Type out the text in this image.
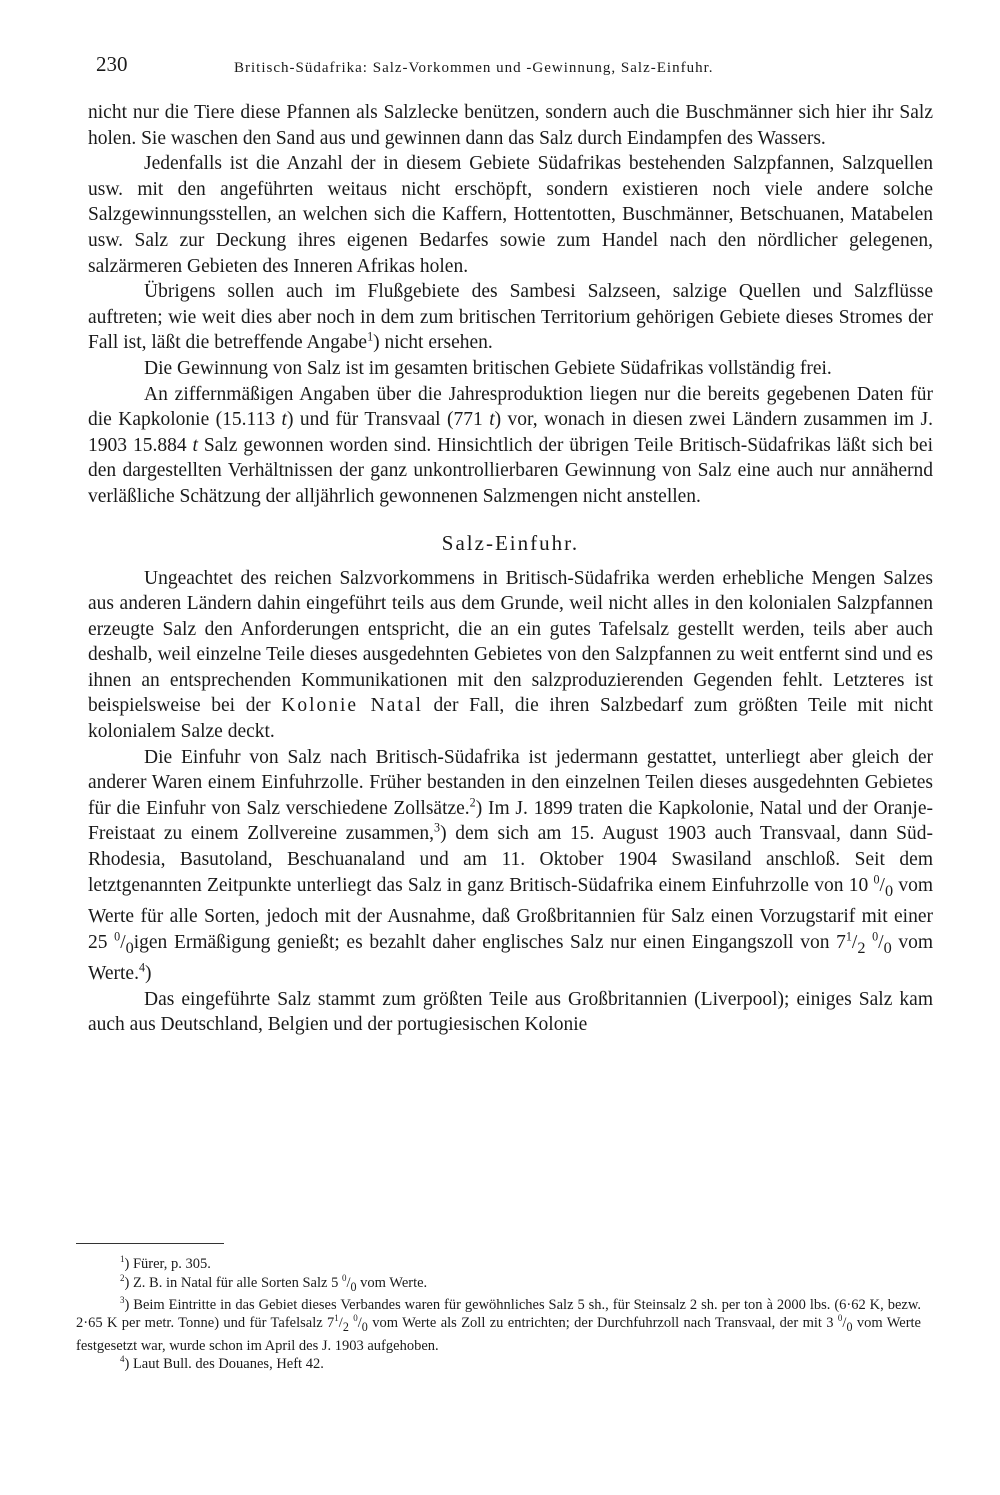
230	Britisch-Südafrika: Salz-Vorkommen und -Gewinnung, Salz-Einfuhr.

nicht nur die Tiere diese Pfannen als Salzlecke benützen, sondern auch die Buschmänner sich hier ihr Salz holen. Sie waschen den Sand aus und gewinnen dann das Salz durch Eindampfen des Wassers.

Jedenfalls ist die Anzahl der in diesem Gebiete Südafrikas bestehenden Salzpfannen, Salzquellen usw. mit den angeführten weitaus nicht erschöpft, sondern existieren noch viele andere solche Salzgewinnungsstellen, an welchen sich die Kaffern, Hottentotten, Buschmänner, Betschuanen, Matabelen usw. Salz zur Deckung ihres eigenen Bedarfes sowie zum Handel nach den nördlicher gelegenen, salzärmeren Gebieten des Inneren Afrikas holen.

Übrigens sollen auch im Flußgebiete des Sambesi Salzseen, salzige Quellen und Salzflüsse auftreten; wie weit dies aber noch in dem zum britischen Territorium gehörigen Gebiete dieses Stromes der Fall ist, läßt die betreffende Angabe$^1$) nicht ersehen.

Die Gewinnung von Salz ist im gesamten britischen Gebiete Südafrikas vollständig frei.

An ziffernmäßigen Angaben über die Jahresproduktion liegen nur die bereits gegebenen Daten für die Kapkolonie (15.113 t) und für Transvaal (771 t) vor, wonach in diesen zwei Ländern zusammen im J. 1903 15.884 t Salz gewonnen worden sind. Hinsichtlich der übrigen Teile Britisch-Südafrikas läßt sich bei den dargestellten Verhältnissen der ganz unkontrollierbaren Gewinnung von Salz eine auch nur annähernd verläßliche Schätzung der alljährlich gewonnenen Salzmengen nicht anstellen.

Salz-Einfuhr.

Ungeachtet des reichen Salzvorkommens in Britisch-Südafrika werden erhebliche Mengen Salzes aus anderen Ländern dahin eingeführt teils aus dem Grunde, weil nicht alles in den kolonialen Salzpfannen erzeugte Salz den Anforderungen entspricht, die an ein gutes Tafelsalz gestellt werden, teils aber auch deshalb, weil einzelne Teile dieses ausgedehnten Gebietes von den Salzpfannen zu weit entfernt sind und es ihnen an entsprechenden Kommunikationen mit den salzproduzierenden Gegenden fehlt. Letzteres ist beispielsweise bei der Kolonie Natal der Fall, die ihren Salzbedarf zum größten Teile mit nicht kolonialem Salze deckt.

Die Einfuhr von Salz nach Britisch-Südafrika ist jedermann gestattet, unterliegt aber gleich der anderer Waren einem Einfuhrzolle. Früher bestanden in den einzelnen Teilen dieses ausgedehnten Gebietes für die Einfuhr von Salz verschiedene Zollsätze.$^2$) Im J. 1899 traten die Kapkolonie, Natal und der Oranje-Freistaat zu einem Zollvereine zusammen,$^3$) dem sich am 15. August 1903 auch Transvaal, dann Süd-Rhodesia, Basutoland, Beschuanaland und am 11. Oktober 1904 Swasiland anschloß. Seit dem letztgenannten Zeitpunkte unterliegt das Salz in ganz Britisch-Südafrika einem Einfuhrzolle von 10 $^0/_0$ vom Werte für alle Sorten, jedoch mit der Ausnahme, daß Großbritannien für Salz einen Vorzugstarif mit einer 25 $^0/_0igen$ Ermäßigung genießt; es bezahlt daher englisches Salz nur einen Eingangszoll von $7^1/_2$ $^0/_0$ vom Werte.$^4$)

Das eingeführte Salz stammt zum größten Teile aus Großbritannien (Liverpool); einiges Salz kam auch aus Deutschland, Belgien und der portugiesischen Kolonie

$^1$) Fürer, p. 305.

$^2$) Z. B. in Natal für alle Sorten Salz 5 $^0/_0$ vom Werte.

$^3$) Beim Eintritte in das Gebiet dieses Verbandes waren für gewöhnliches Salz 5 sh., für Steinsalz 2 sh. per ton à 2000 lbs. (6·62 K, bezw. 2·65 K per metr. Tonne) und für Tafelsalz $7^1/_2$ $^0/_0$ vom Werte als Zoll zu entrichten; der Durchfuhrzoll nach Transvaal, der mit 3 $^0/_0$ vom Werte festgesetzt war, wurde schon im April des J. 1903 aufgehoben.

$^4$) Laut Bull. des Douanes, Heft 42.
